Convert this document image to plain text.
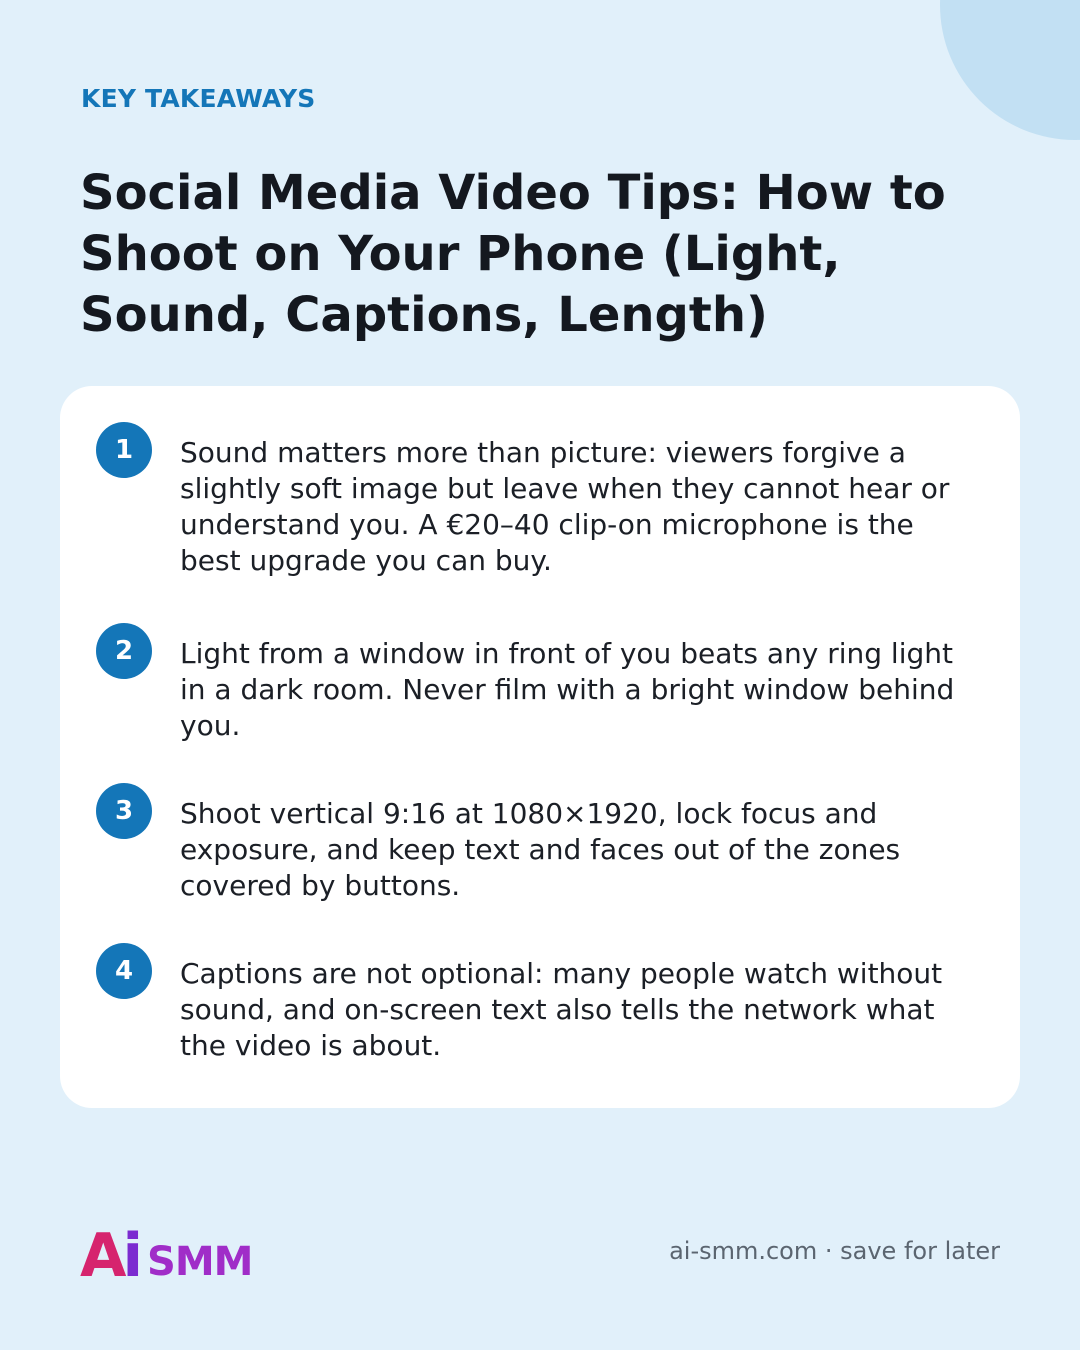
KEY TAKEAWAYS
Social Media Video Tips: How to Shoot on Your Phone (Light, Sound, Captions, Length)
1	Sound matters more than picture: viewers forgive a slightly soft image but leave when they cannot hear or understand you. A €20–40 clip-on microphone is the best upgrade you can buy.

2	Light from a window in front of you beats any ring light in a dark room. Never film with a bright window behind you.

3	Shoot vertical 9:16 at 1080×1920, lock focus and exposure, and keep text and faces out of the zones covered by buttons.

4	Captions are not optional: many people watch without sound, and on-screen text also tells the network what the video is about.

A i SMM	ai-smm.com · save for later
